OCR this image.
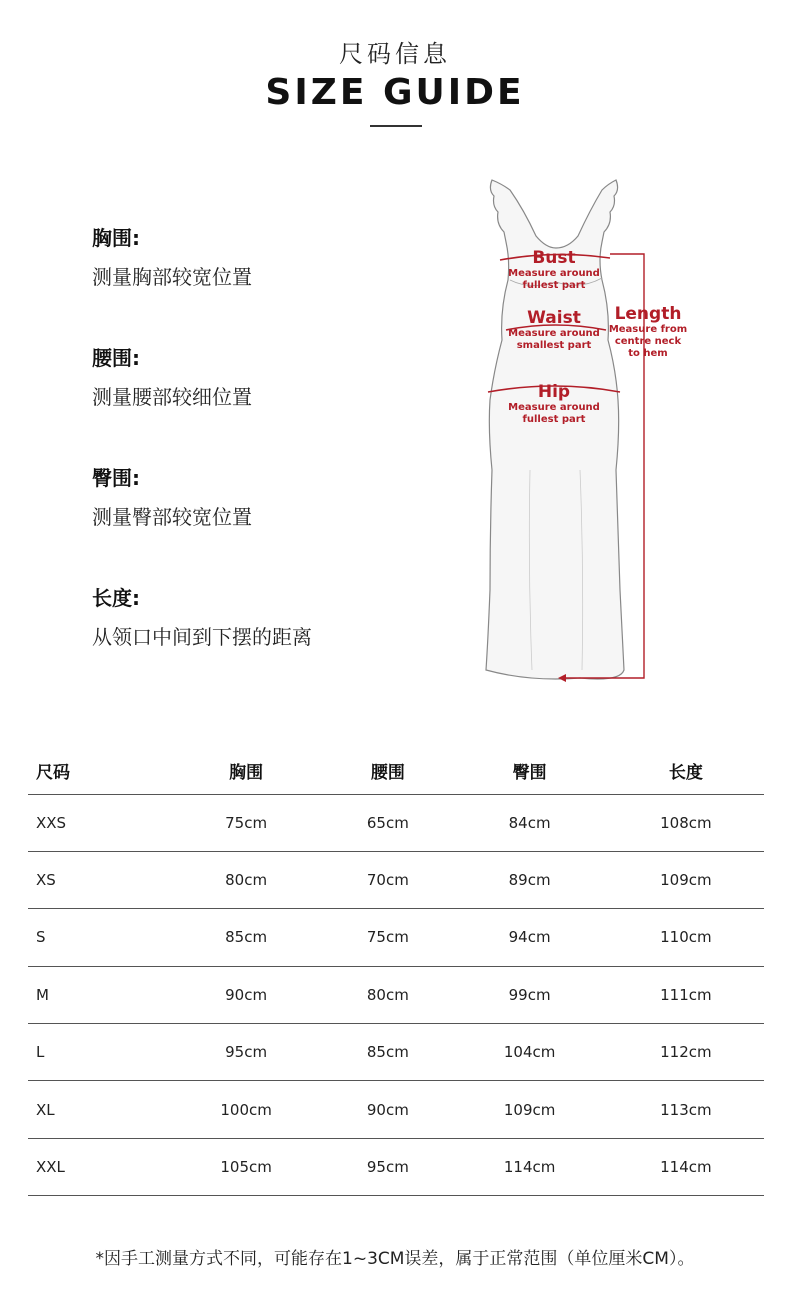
尺码信息
SIZE GUIDE
胸围:
测量胸部较宽位置
腰围:
测量腰部较细位置
臀围:
测量臀部较宽位置
长度:
从领口中间到下摆的距离
Bust
Measure around
fullest part
Waist
Measure around
smallest part
Hip
Measure around
fullest part
Length
Measure from
centre neck
to hem
尺码	胸围	腰围	臀围	长度
XXS	75cm	65cm	84cm	108cm
XS	80cm	70cm	89cm	109cm
S	85cm	75cm	94cm	110cm
M	90cm	80cm	99cm	111cm
L	95cm	85cm	104cm	112cm
XL	100cm	90cm	109cm	113cm
XXL	105cm	95cm	114cm	114cm
*因手工测量方式不同，可能存在1~3CM误差，属于正常范围（单位厘米CM）。
